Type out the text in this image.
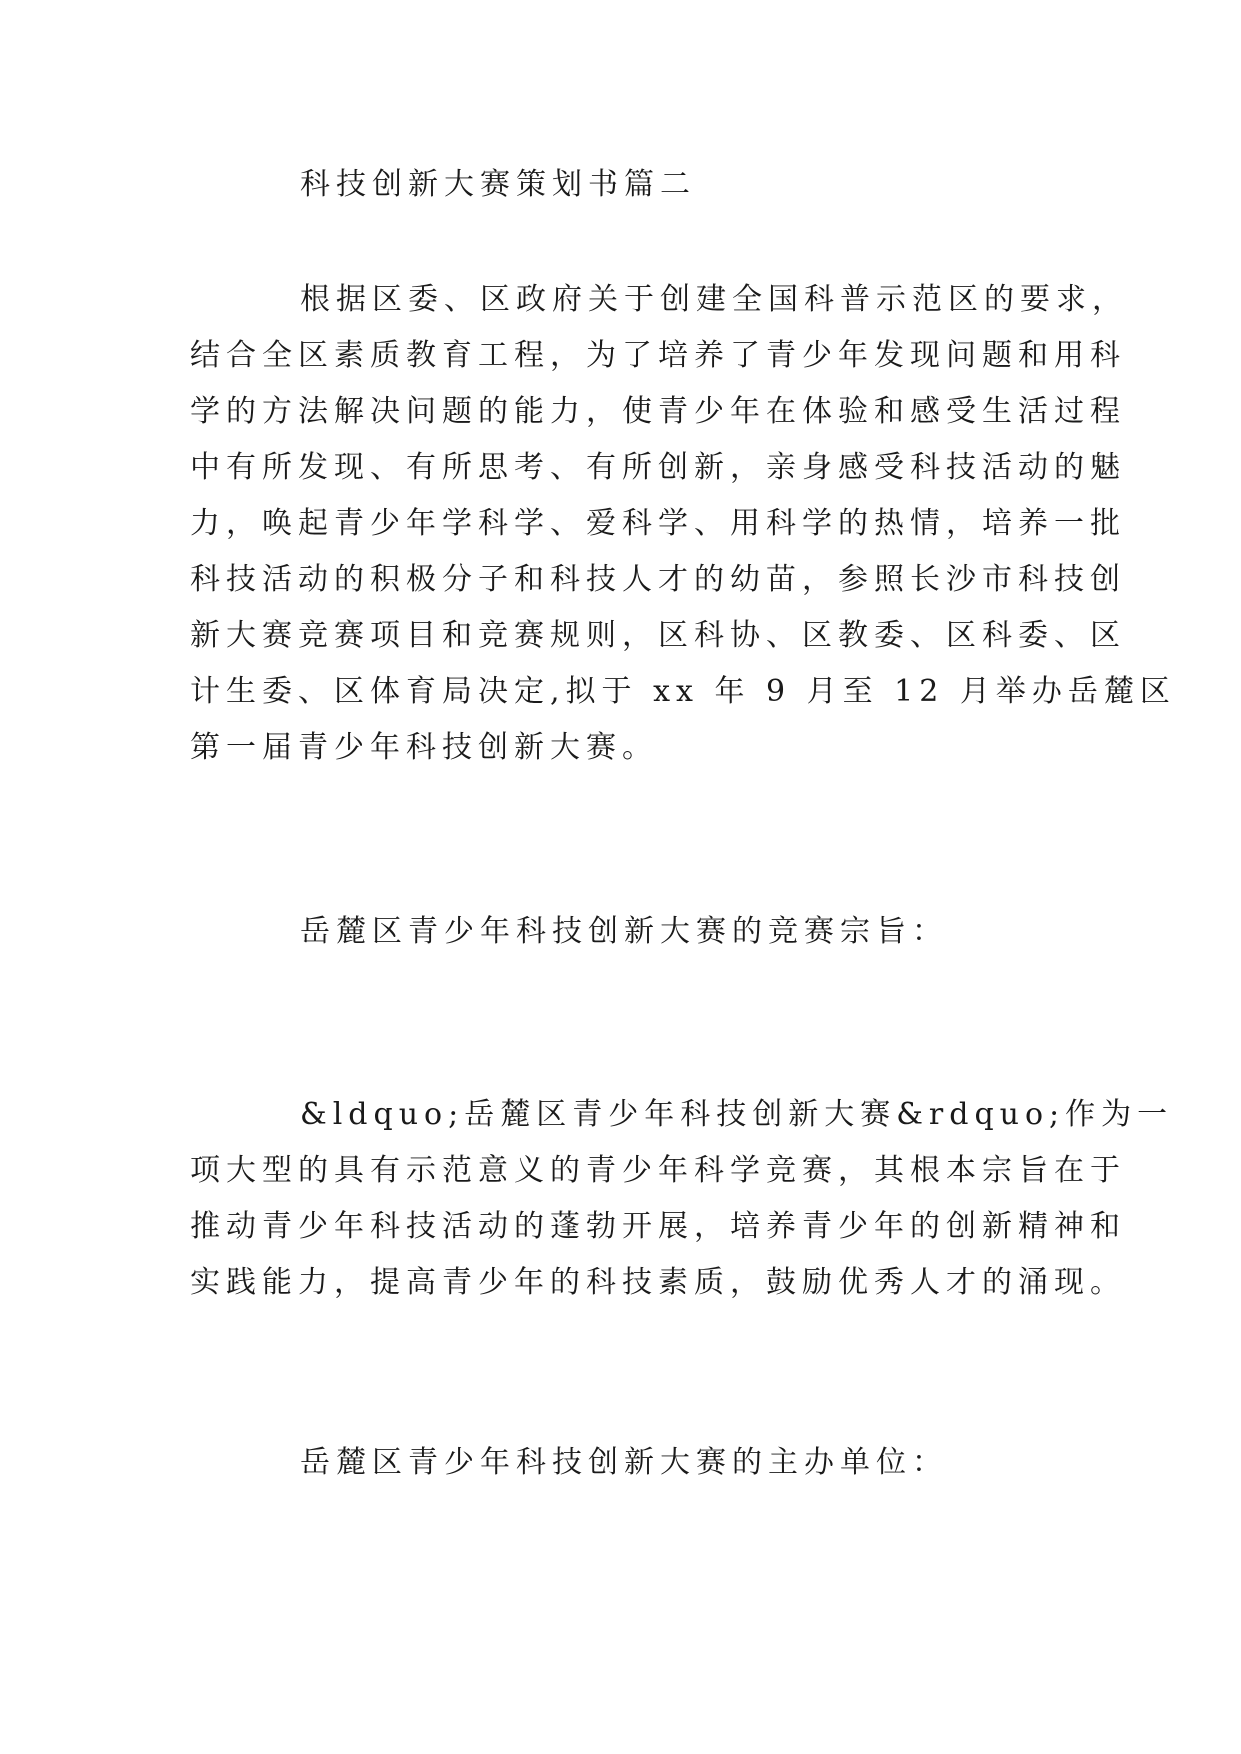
科技创新大赛策划书篇二
根据区委、区政府关于创建全国科普示范区的要求，
结合全区素质教育工程，为了培养了青少年发现问题和用科
学的方法解决问题的能力，使青少年在体验和感受生活过程
中有所发现、有所思考、有所创新，亲身感受科技活动的魅
力，唤起青少年学科学、爱科学、用科学的热情，培养一批
科技活动的积极分子和科技人才的幼苗，参照长沙市科技创
新大赛竞赛项目和竞赛规则，区科协、区教委、区科委、区
计生委、区体育局决定,拟于 xx 年 9 月至 12 月举办岳麓区
第一届青少年科技创新大赛。
岳麓区青少年科技创新大赛的竞赛宗旨：
&ldquo;岳麓区青少年科技创新大赛&rdquo;作为一
项大型的具有示范意义的青少年科学竞赛，其根本宗旨在于
推动青少年科技活动的蓬勃开展，培养青少年的创新精神和
实践能力，提高青少年的科技素质，鼓励优秀人才的涌现。
岳麓区青少年科技创新大赛的主办单位：
